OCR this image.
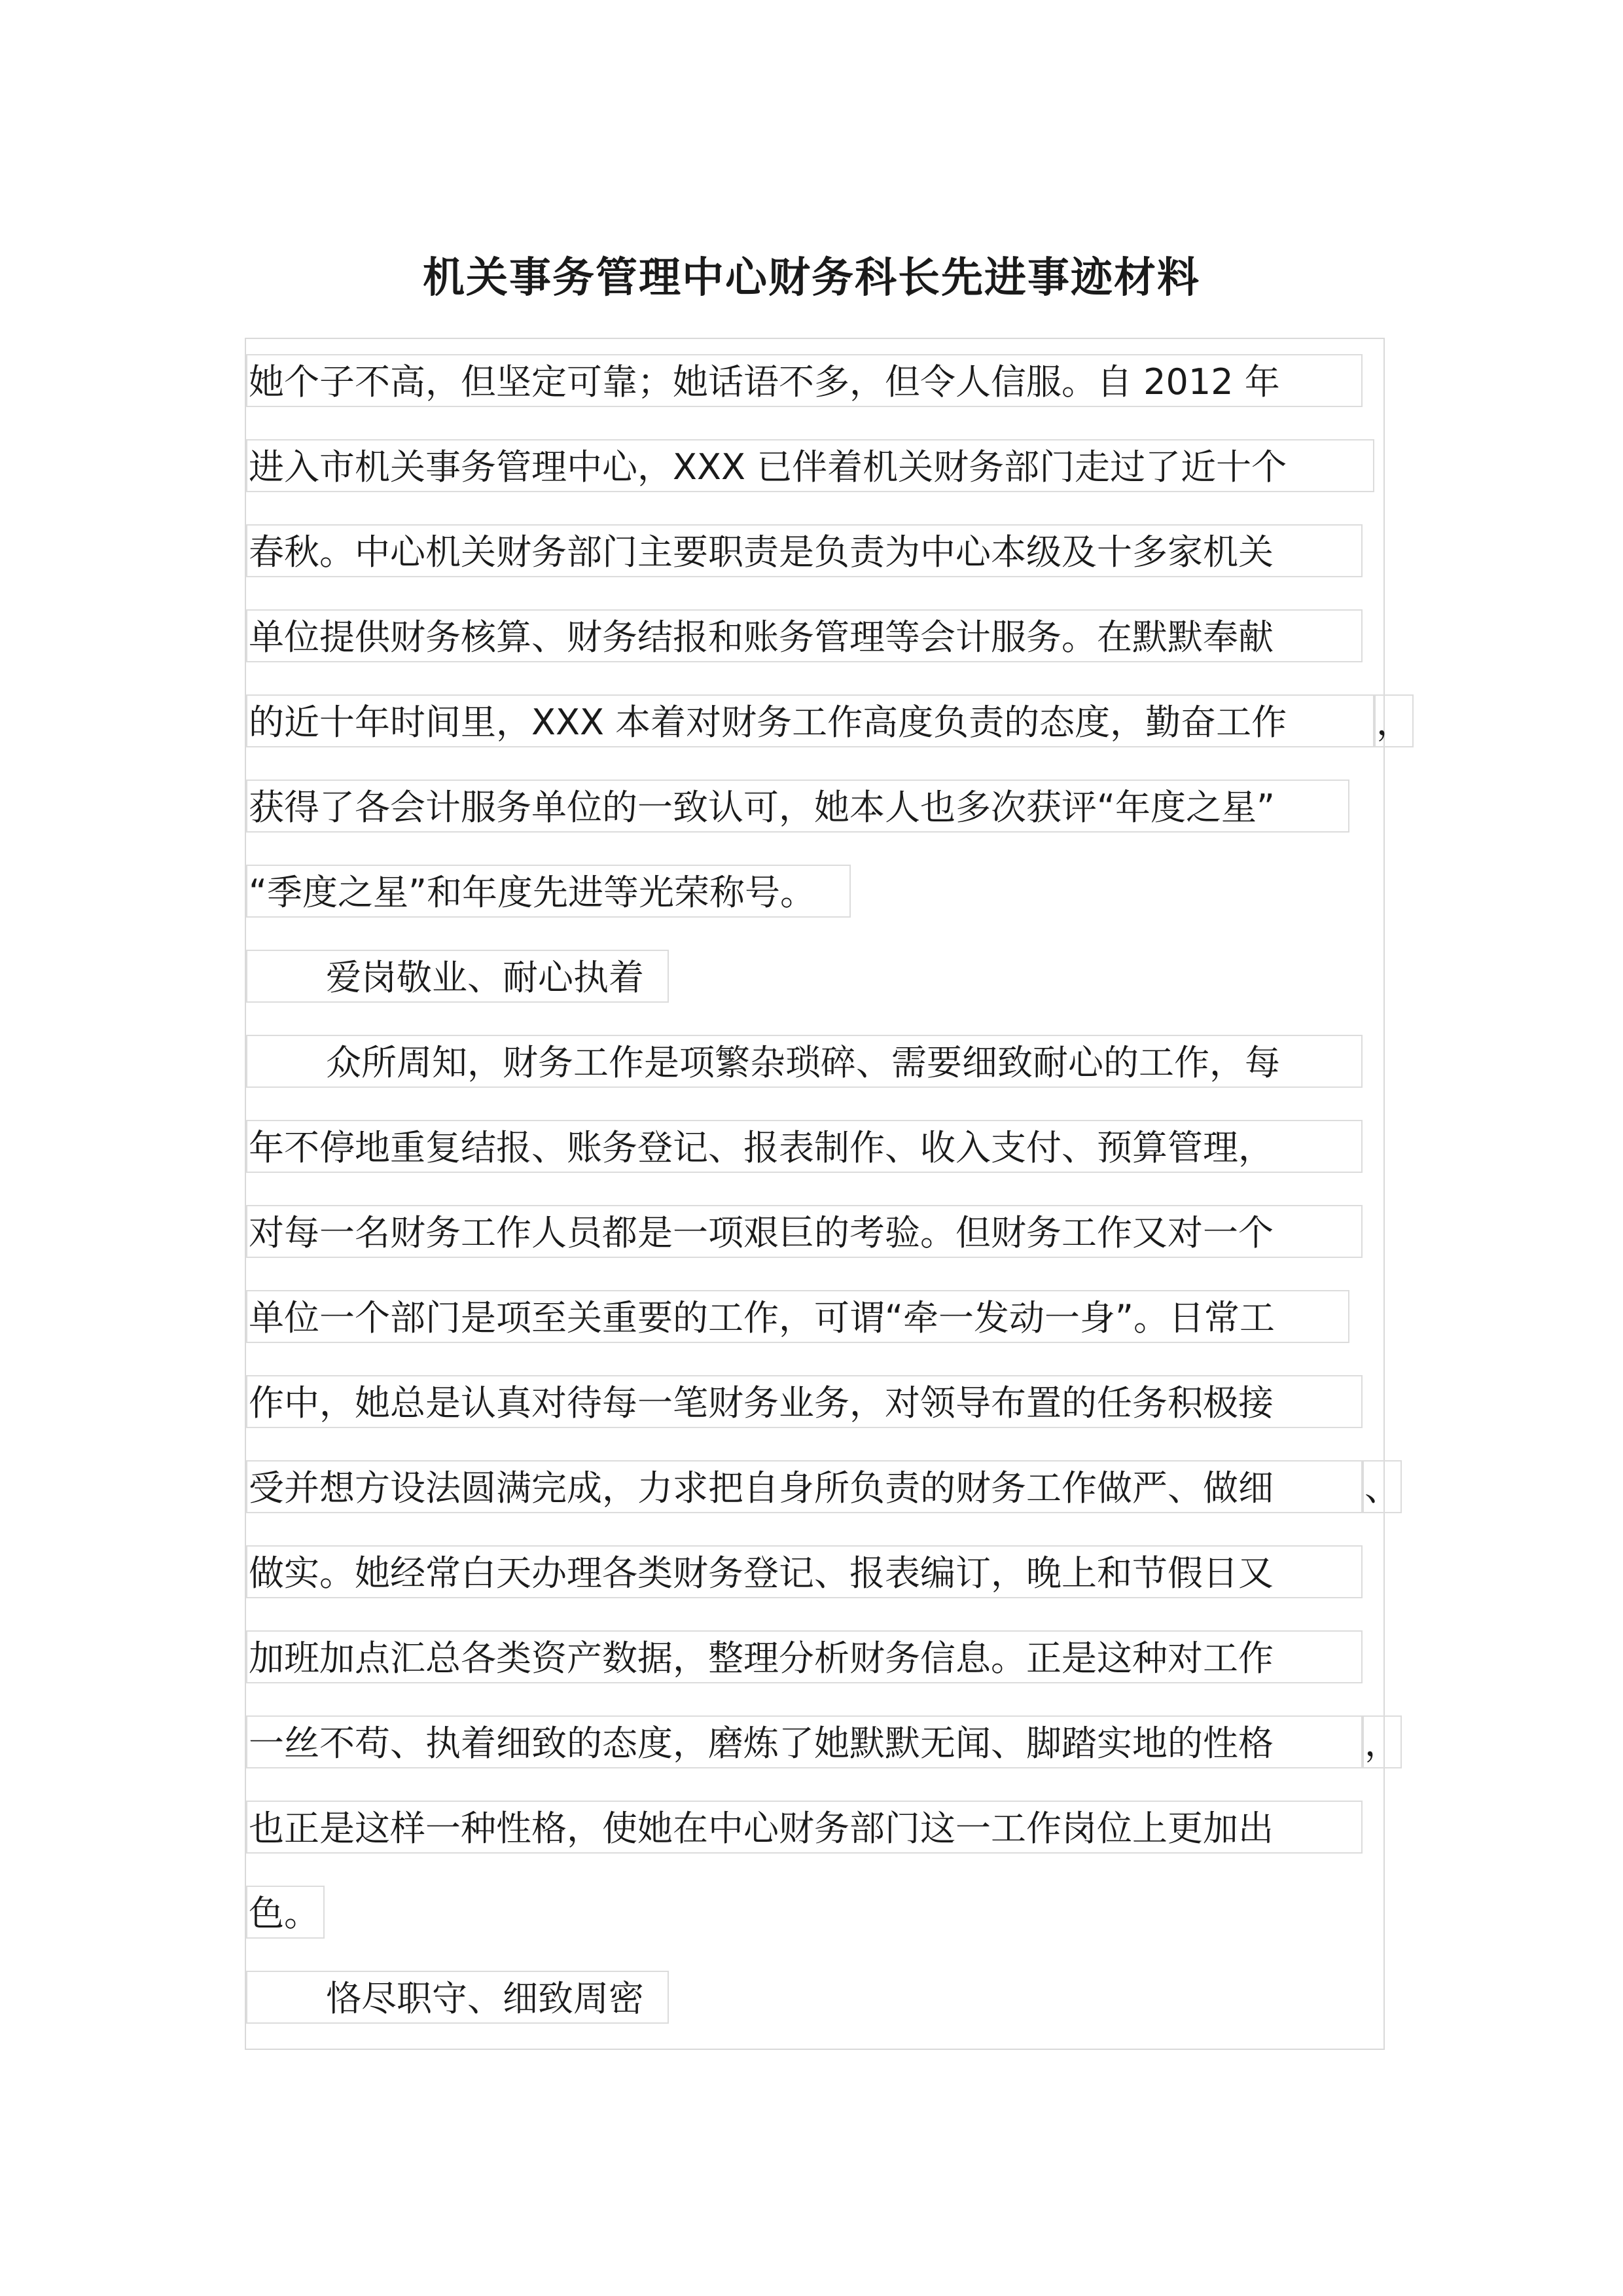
机关事务管理中心财务科长先进事迹材料
她个子不高，但坚定可靠；她话语不多，但令人信服。自 2012 年
进入市机关事务管理中心，XXX 已伴着机关财务部门走过了近十个
春秋。中心机关财务部门主要职责是负责为中心本级及十多家机关
单位提供财务核算、财务结报和账务管理等会计服务。在默默奉献
的近十年时间里，XXX 本着对财务工作高度负责的态度，勤奋工作	，
获得了各会计服务单位的一致认可，她本人也多次获评“年度之星”
“季度之星”和年度先进等光荣称号。
爱岗敬业、耐心执着
众所周知，财务工作是项繁杂琐碎、需要细致耐心的工作，每
年不停地重复结报、账务登记、报表制作、收入支付、预算管理，
对每一名财务工作人员都是一项艰巨的考验。但财务工作又对一个
单位一个部门是项至关重要的工作，可谓“牵一发动一身”。日常工
作中，她总是认真对待每一笔财务业务，对领导布置的任务积极接
受并想方设法圆满完成，力求把自身所负责的财务工作做严、做细	、
做实。她经常白天办理各类财务登记、报表编订，晚上和节假日又
加班加点汇总各类资产数据，整理分析财务信息。正是这种对工作
一丝不苟、执着细致的态度，磨炼了她默默无闻、脚踏实地的性格	，
也正是这样一种性格，使她在中心财务部门这一工作岗位上更加出
色。
恪尽职守、细致周密
